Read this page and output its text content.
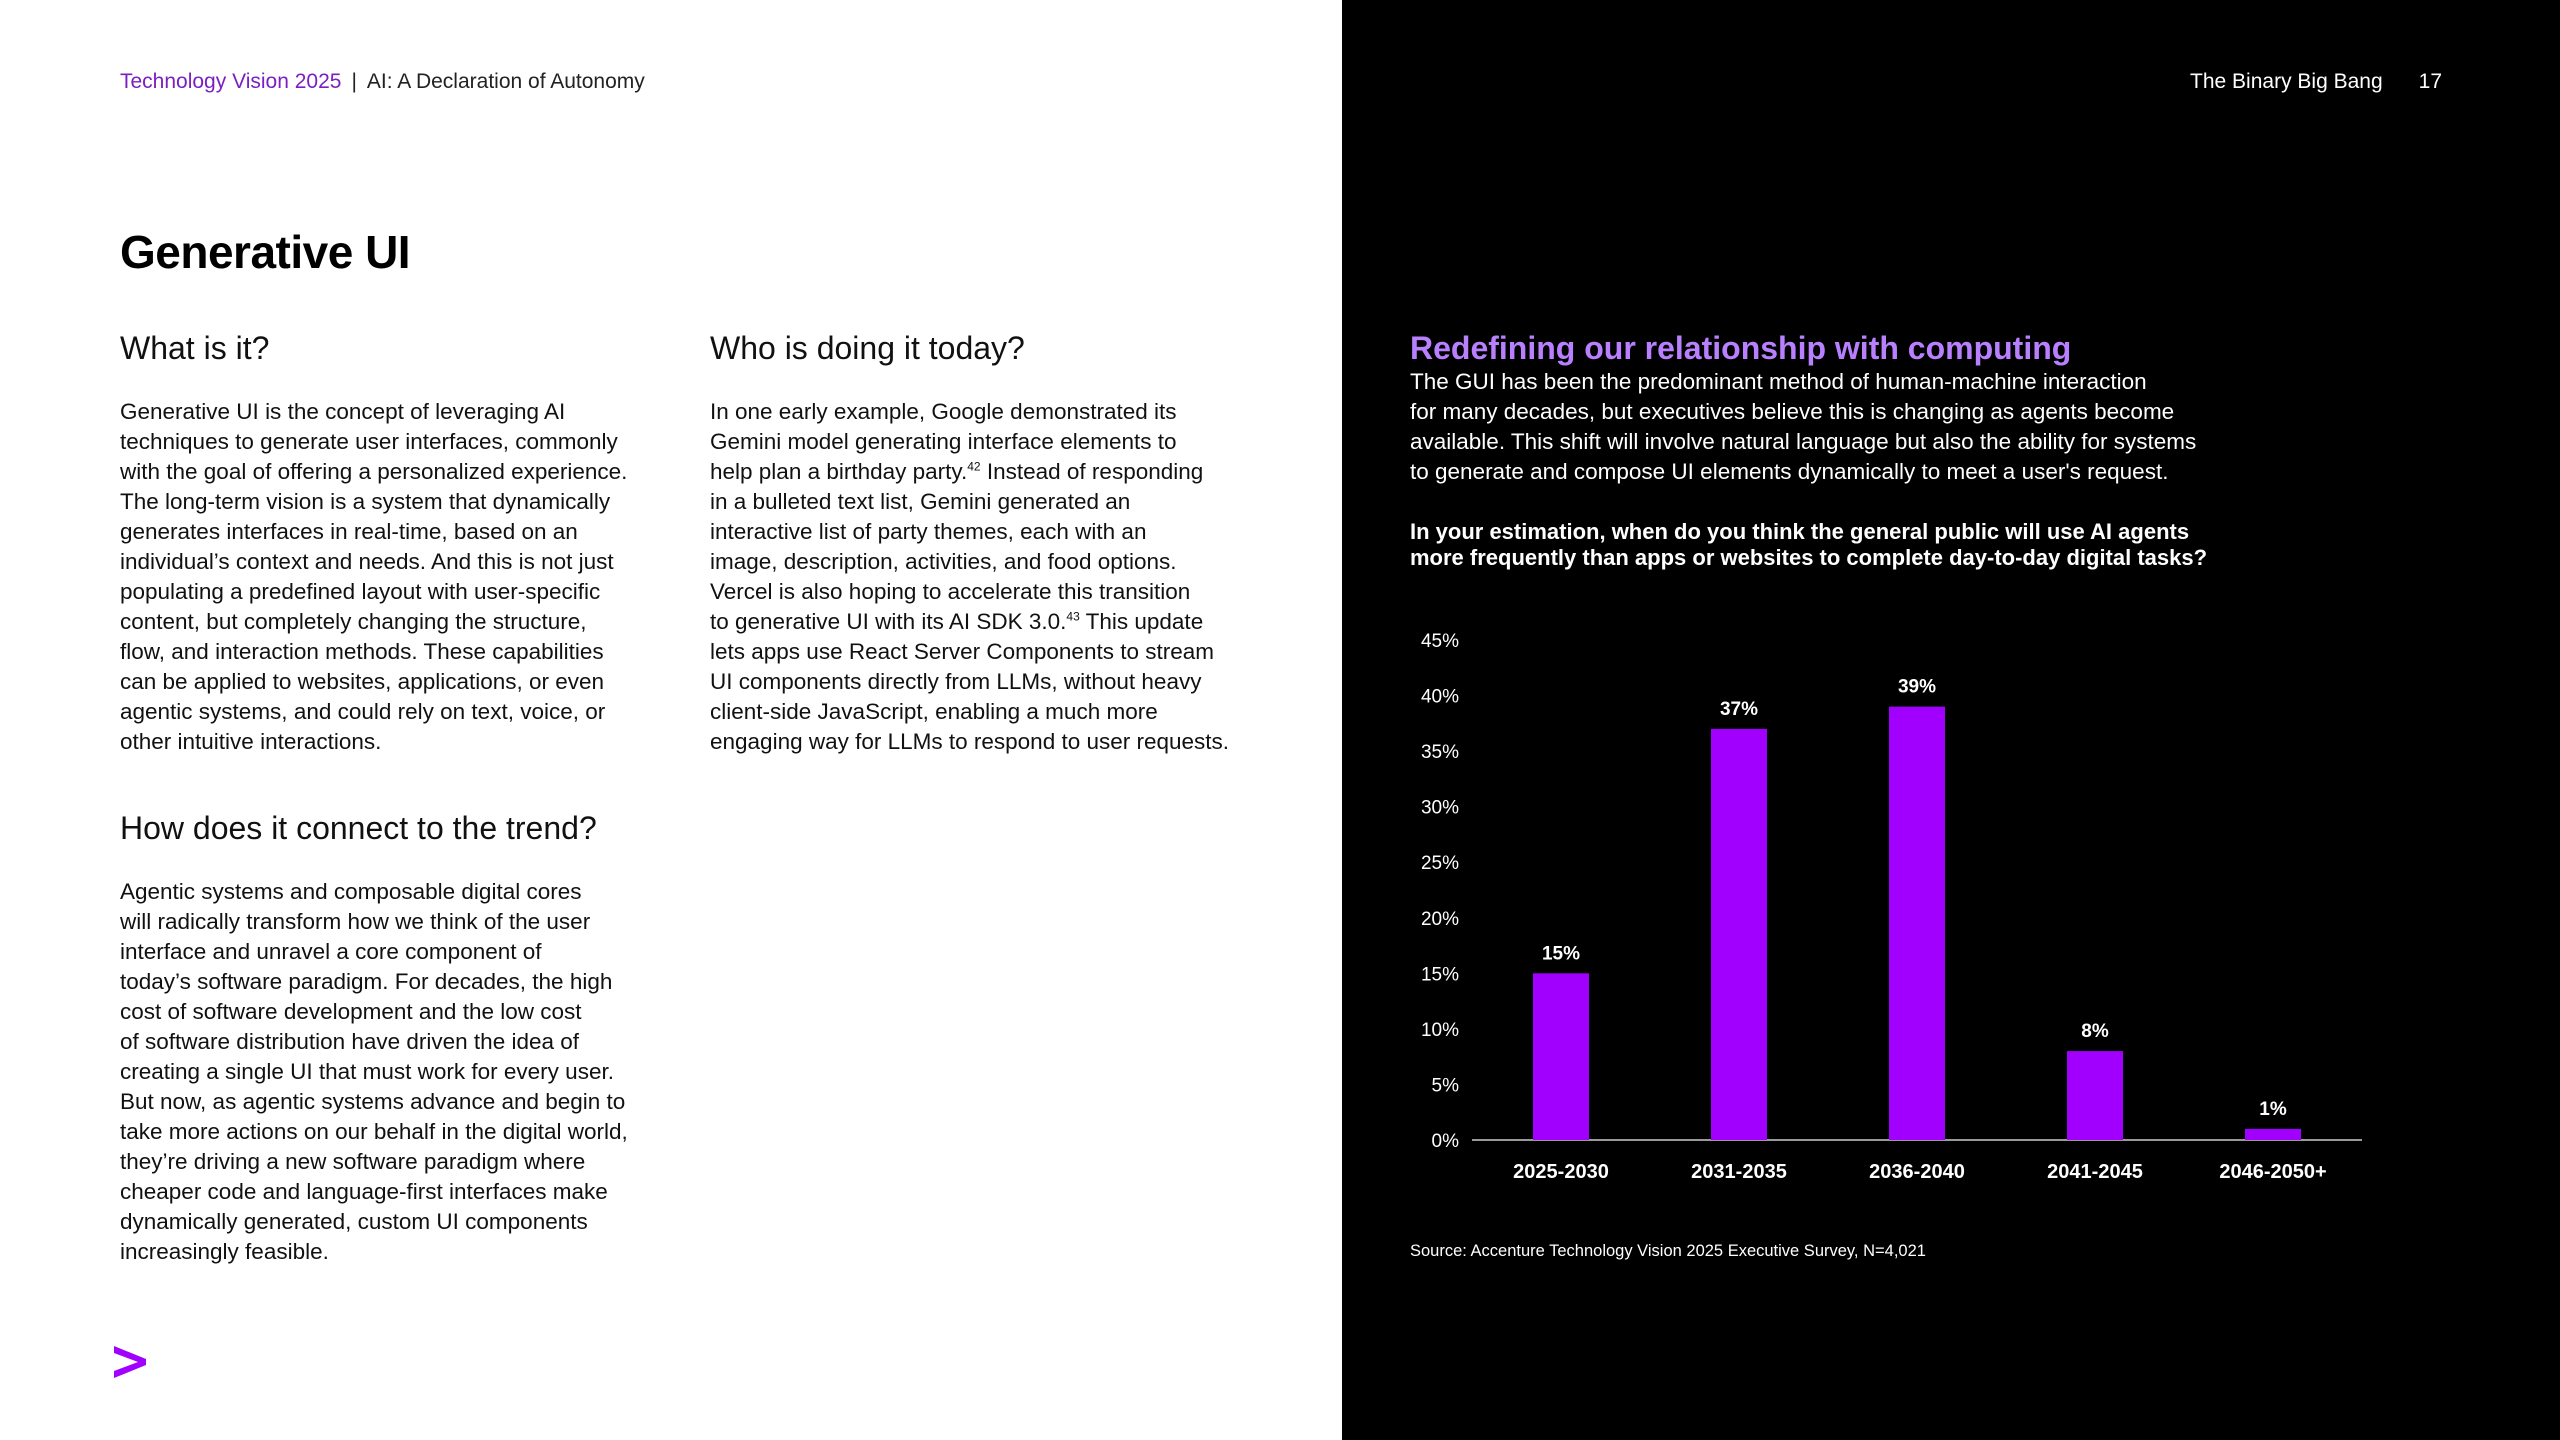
Technology Vision 2025 | AI: A Declaration of Autonomy	The Binary Big Bang 17
Generative UI
What is it?
Generative UI is the concept of leveraging AI
techniques to generate user interfaces, commonly
with the goal of offering a personalized experience.
The long-term vision is a system that dynamically
generates interfaces in real-time, based on an
individual’s context and needs. And this is not just
populating a predefined layout with user-specific
content, but completely changing the structure,
flow, and interaction methods. These capabilities
can be applied to websites, applications, or even
agentic systems, and could rely on text, voice, or
other intuitive interactions.
Who is doing it today?
In one early example, Google demonstrated its
Gemini model generating interface elements to
help plan a birthday party.$^{42}$ Instead of responding
in a bulleted text list, Gemini generated an
interactive list of party themes, each with an
image, description, activities, and food options.
Vercel is also hoping to accelerate this transition
to generative UI with its AI SDK 3.0.43 This update
lets apps use React Server Components to stream
UI components directly from LLMs, without heavy
client-side JavaScript, enabling a much more
engaging way for LLMs to respond to user requests.
How does it connect to the trend?
Agentic systems and composable digital cores
will radically transform how we think of the user
interface and unravel a core component of
today’s software paradigm. For decades, the high
cost of software development and the low cost
of software distribution have driven the idea of
creating a single UI that must work for every user.
But now, as agentic systems advance and begin to
take more actions on our behalf in the digital world,
they’re driving a new software paradigm where
cheaper code and language-first interfaces make
dynamically generated, custom UI components
increasingly feasible.
Redefining our relationship with computing
The GUI has been the predominant method of human-machine interaction
for many decades, but executives believe this is changing as agents become
available. This shift will involve natural language but also the ability for systems
to generate and compose UI elements dynamically to meet a user's request.
In your estimation, when do you think the general public will use AI agents
more frequently than apps or websites to complete day-to-day digital tasks?
0%
5%
10%
15%
20%
25%
30%
35%
40%
45%
15%
2025-2030
37%
2031-2035
39%
2036-2040
8%
2041-2045
1%
2046-2050+
Source: Accenture Technology Vision 2025 Executive Survey, N=4,021
